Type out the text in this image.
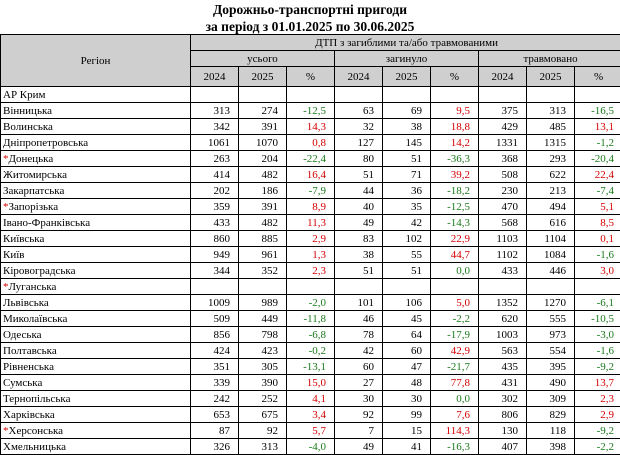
Дорожньо-транспортні пригоди
за період з 01.01.2025 по 30.06.2025
Регіон	ДТП з загиблими та/або травмованими								
	усього			загинуло			травмовано		
	2024	2025	%	2024	2025	%	2024	2025	%
АР Крим									
Вінницька	313	274	-12,5	63	69	9,5	375	313	-16,5
Волинська	342	391	14,3	32	38	18,8	429	485	13,1
Дніпропетровська	1061	1070	0,8	127	145	14,2	1331	1315	-1,2
*Донецька	263	204	-22,4	80	51	-36,3	368	293	-20,4
Житомирська	414	482	16,4	51	71	39,2	508	622	22,4
Закарпатська	202	186	-7,9	44	36	-18,2	230	213	-7,4
*Запорізька	359	391	8,9	40	35	-12,5	470	494	5,1
Івано-Франківська	433	482	11,3	49	42	-14,3	568	616	8,5
Київська	860	885	2,9	83	102	22,9	1103	1104	0,1
Київ	949	961	1,3	38	55	44,7	1102	1084	-1,6
Кіровоградська	344	352	2,3	51	51	0,0	433	446	3,0
*Луганська									
Львівська	1009	989	-2,0	101	106	5,0	1352	1270	-6,1
Миколаївська	509	449	-11,8	46	45	-2,2	620	555	-10,5
Одеська	856	798	-6,8	78	64	-17,9	1003	973	-3,0
Полтавська	424	423	-0,2	42	60	42,9	563	554	-1,6
Рівненська	351	305	-13,1	60	47	-21,7	435	395	-9,2
Сумська	339	390	15,0	27	48	77,8	431	490	13,7
Тернопільська	242	252	4,1	30	30	0,0	302	309	2,3
Харківська	653	675	3,4	92	99	7,6	806	829	2,9
*Херсонська	87	92	5,7	7	15	114,3	130	118	-9,2
Хмельницька	326	313	-4,0	49	41	-16,3	407	398	-2,2
